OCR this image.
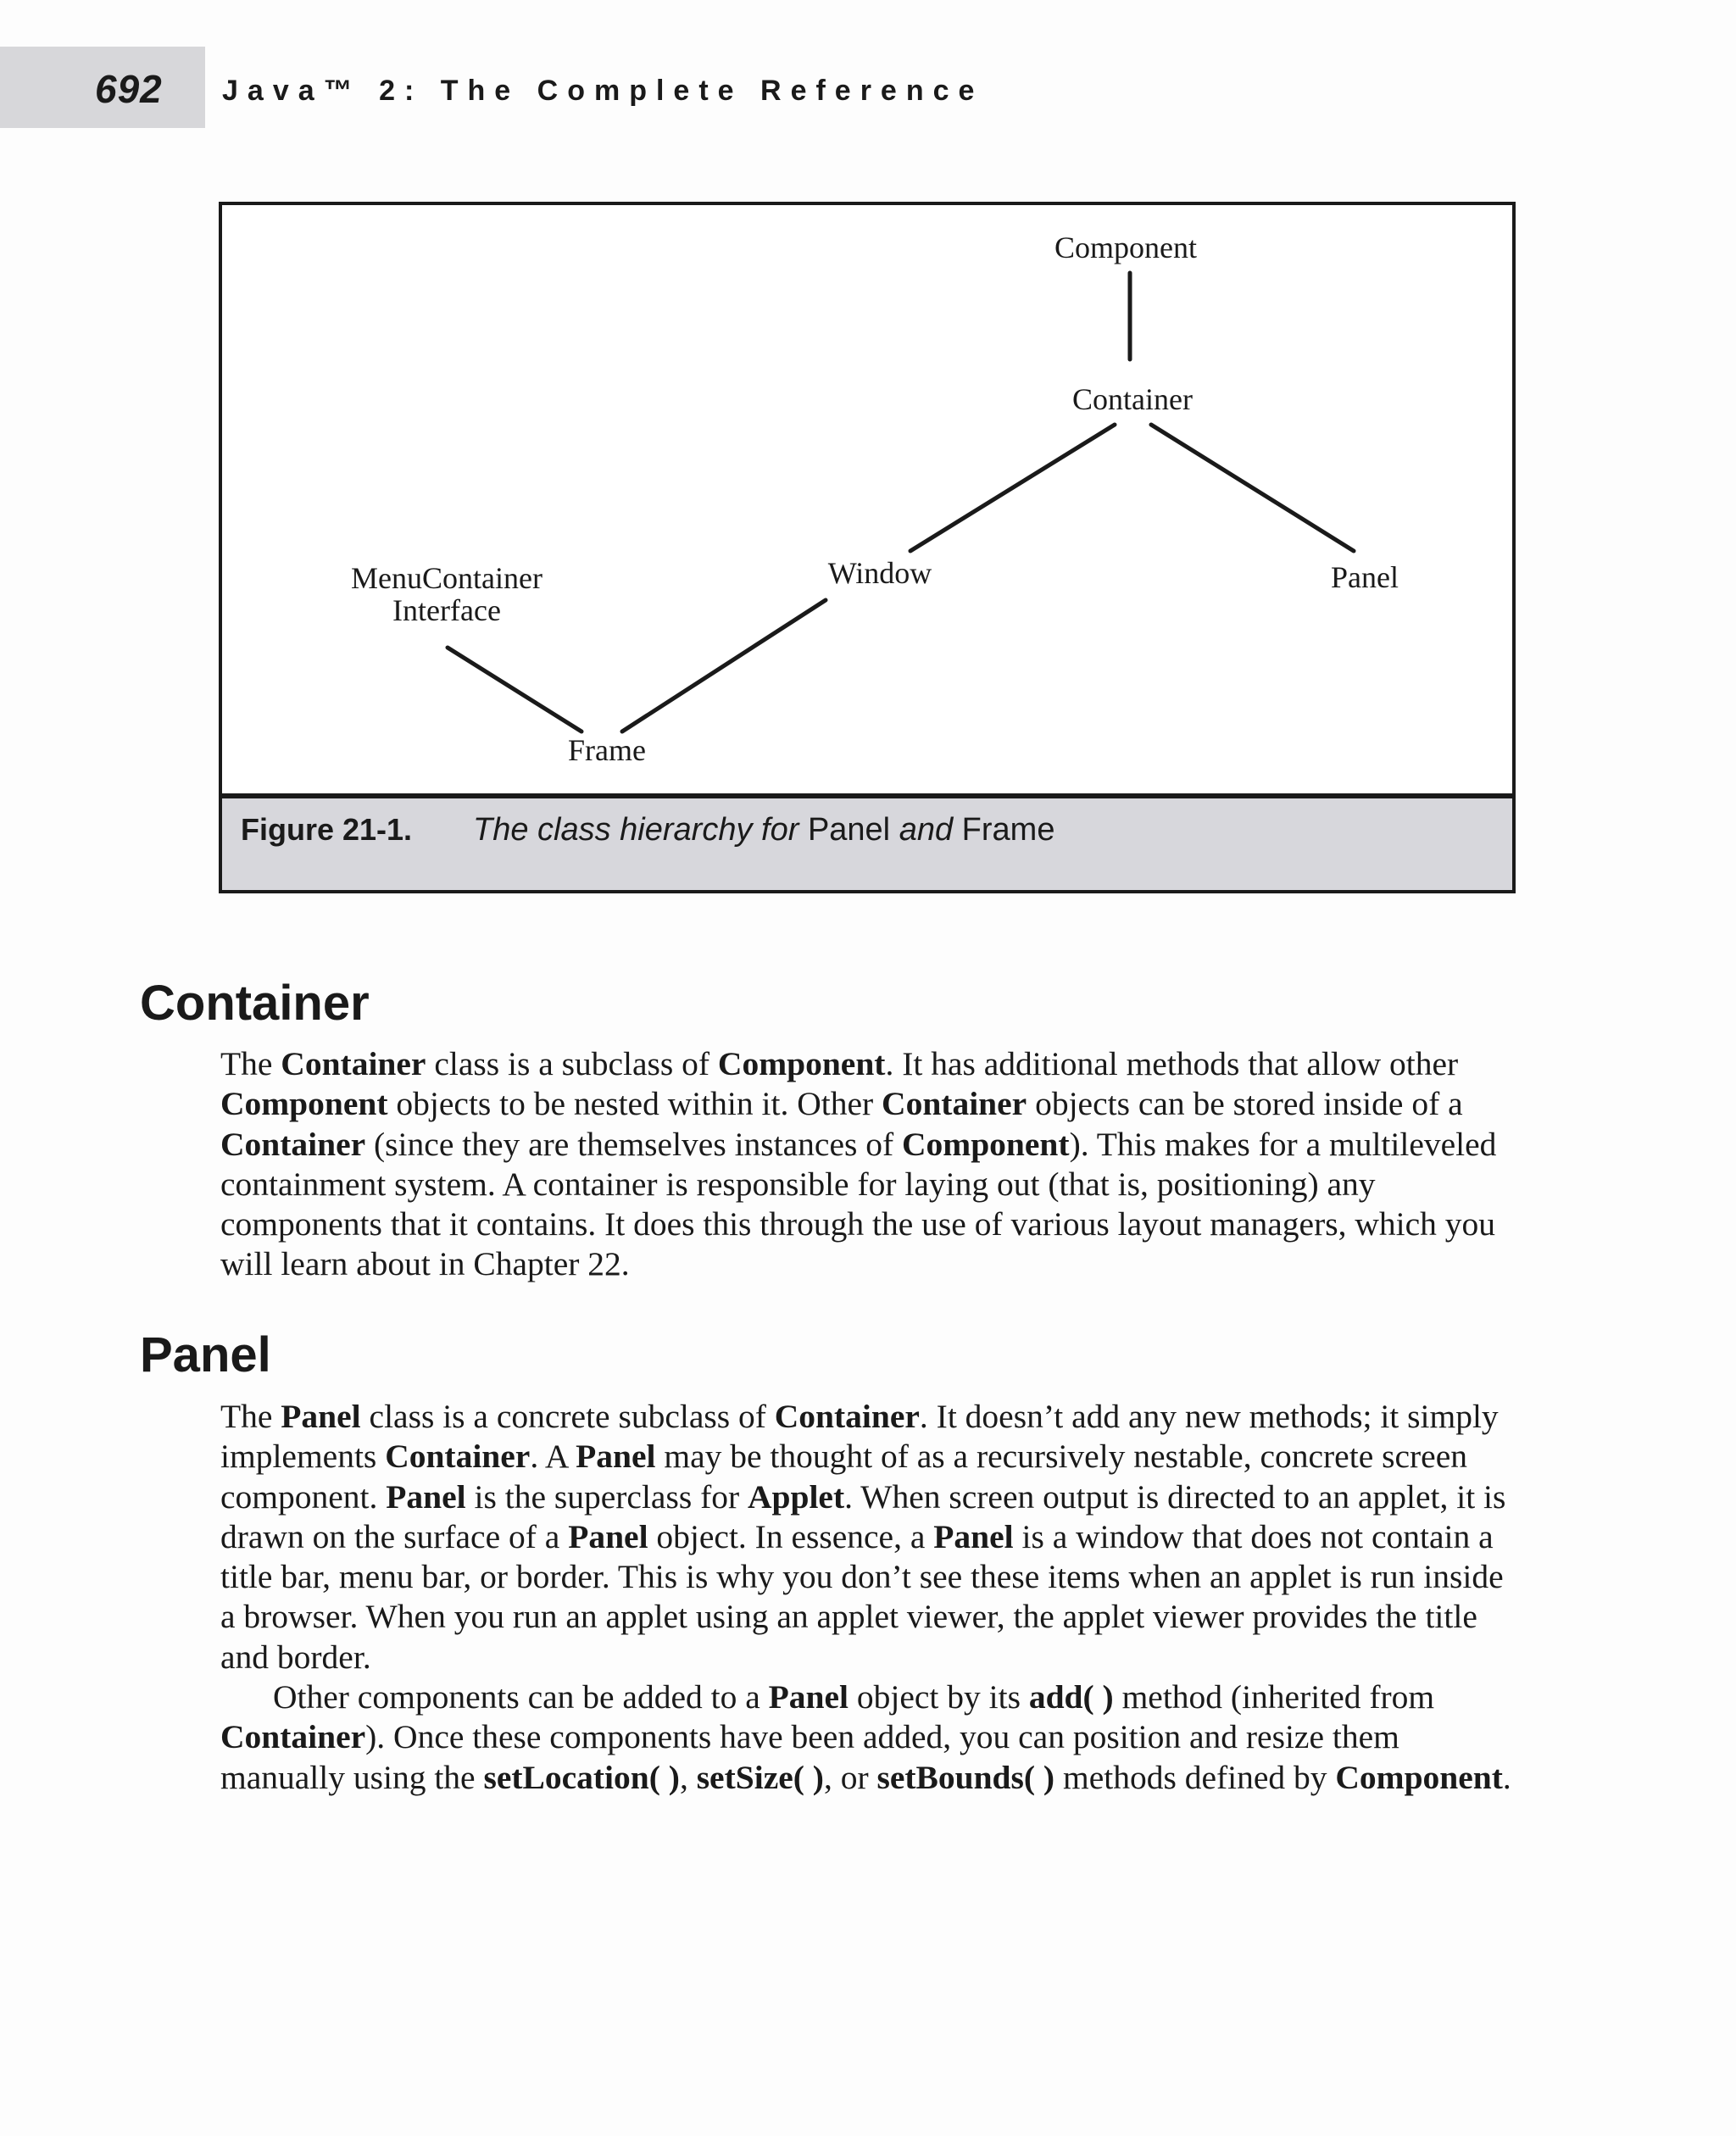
692 Java™ 2: The Complete Reference
Component
Container
Window	Panel
MenuContainer
Interface
Frame
Figure 21-1. The class hierarchy for Panel and Frame
Container

The Container class is a subclass of Component. It has additional methods that allow other Component objects to be nested within it. Other Container objects can be stored inside of a Container (since they are themselves instances of Component). This makes for a multileveled containment system. A container is responsible for laying out (that is, positioning) any components that it contains. It does this through the use of various layout managers, which you will learn about in Chapter 22.

Panel

The Panel class is a concrete subclass of Container. It doesn’t add any new methods; it simply implements Container. A Panel may be thought of as a recursively nestable, concrete screen component. Panel is the superclass for Applet. When screen output is directed to an applet, it is drawn on the surface of a Panel object. In essence, a Panel is a window that does not contain a title bar, menu bar, or border. This is why you don’t see these items when an applet is run inside a browser. When you run an applet using an applet viewer, the applet viewer provides the title and border.

Other components can be added to a Panel object by its add( ) method (inherited from Container). Once these components have been added, you can position and resize them manually using the setLocation( ), setSize( ), or setBounds( ) methods defined by Component.
